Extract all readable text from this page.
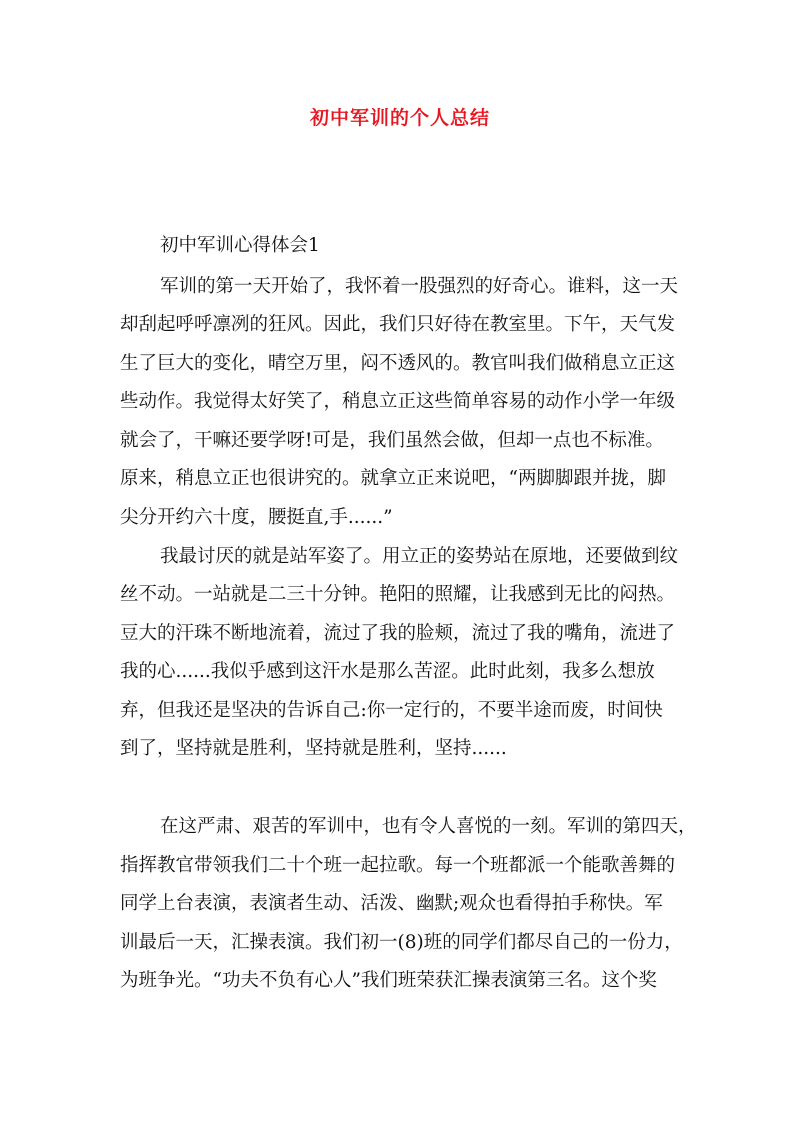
初中军训的个人总结
初中军训心得体会1
军训的第一天开始了，我怀着一股强烈的好奇心。谁料，这一天
却刮起呼呼凛冽的狂风。因此，我们只好待在教室里。下午，天气发
生了巨大的变化，晴空万里，闷不透风的。教官叫我们做稍息立正这
些动作。我觉得太好笑了，稍息立正这些简单容易的动作小学一年级
就会了，干嘛还要学呀!可是，我们虽然会做，但却一点也不标准。
原来，稍息立正也很讲究的。就拿立正来说吧，“两脚脚跟并拢，脚
尖分开约六十度，腰挺直,手......”
我最讨厌的就是站军姿了。用立正的姿势站在原地，还要做到纹
丝不动。一站就是二三十分钟。艳阳的照耀，让我感到无比的闷热。
豆大的汗珠不断地流着，流过了我的脸颊，流过了我的嘴角，流进了
我的心......我似乎感到这汗水是那么苦涩。此时此刻，我多么想放
弃，但我还是坚决的告诉自己:你一定行的，不要半途而废，时间快
到了，坚持就是胜利，坚持就是胜利，坚持......
在这严肃、艰苦的军训中，也有令人喜悦的一刻。军训的第四天，
指挥教官带领我们二十个班一起拉歌。每一个班都派一个能歌善舞的
同学上台表演，表演者生动、活泼、幽默;观众也看得拍手称快。军
训最后一天，汇操表演。我们初一(8)班的同学们都尽自己的一份力，
为班争光。“功夫不负有心人”我们班荣获汇操表演第三名。这个奖
